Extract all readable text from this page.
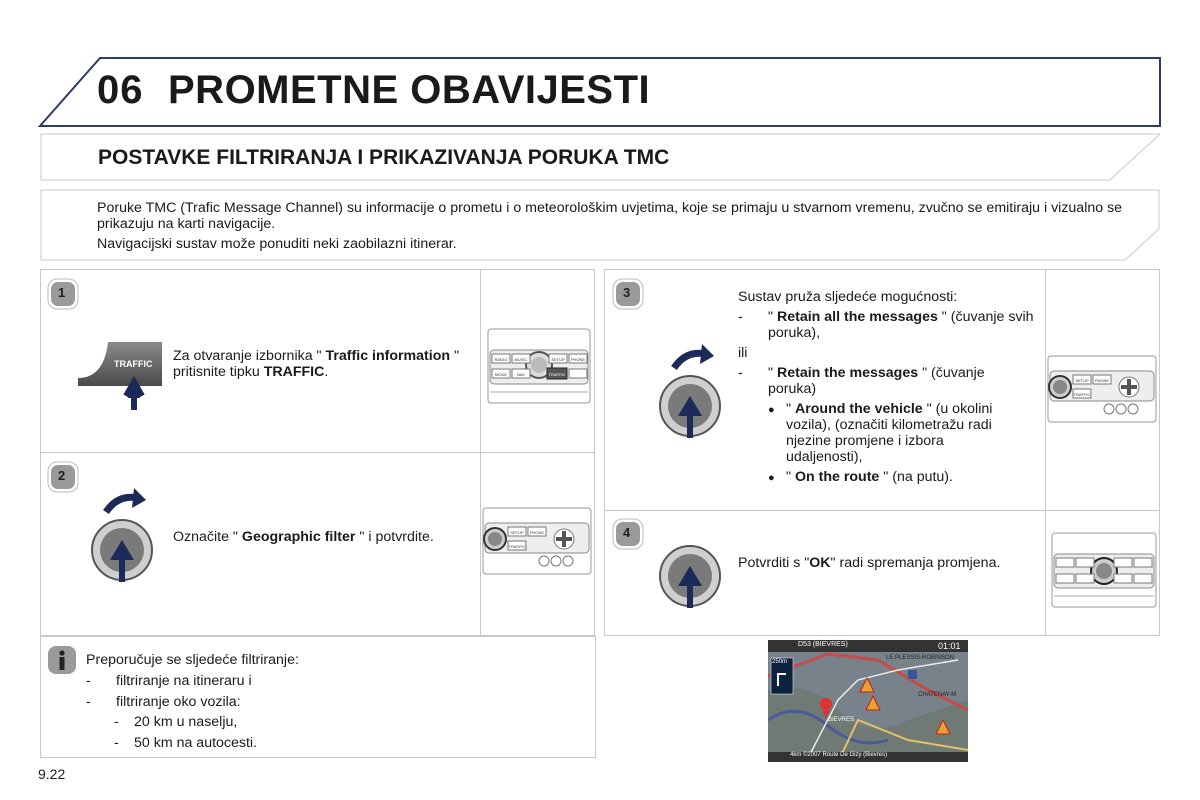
06 PROMETNE OBAVIJESTI
POSTAVKE FILTRIRANJA I PRIKAZIVANJA PORUKA TMC

Poruke TMC (Trafic Message Channel) su informacije o prometu i o meteorološkim uvjetima, koje se primaju u stvarnom vremenu, zvučno se emitiraju i vizualno se prikazuju na karti navigacije.

Navigacijski sustav može ponuditi neki zaobilazni itinerar.

1
TRAFFIC Za otvaranje izbornika " Traffic information " pritisnite tipku TRAFFIC.
RADIO MUSIC	SETUP PHONE
MODE	NAV	TRAFFIC
2
Označite " Geographic filter " i potvrdite.	SETUP PHONE
TRAFFIC
3	Sustav pruža sljedeće mogućnosti:
- " Retain all the messages " (čuvanje svih poruka),
ili
- " Retain the messages " (čuvanje poruka)
● " Around the vehicle " (u okolini vozila), (označiti kilometražu radi njezine promjene i izbora udaljenosti),
● " On the route " (na putu).
SETUP PHONE
TRAFFIC
4
Potvrditi s "OK" radi spremanja promjena.
Preporučuje se sljedeće filtriranje:
- filtriranje na itineraru i
- filtriranje oko vozila:
- 20 km u naselju,
- 50 km na autocesti.
D53 (BIEVRES)	01:01
250m
LE PLESSIS-ROBINSON
CHATENAY-M
BIEVRES
4km ©2007 Route De Gizy (Bievres)
9.22
